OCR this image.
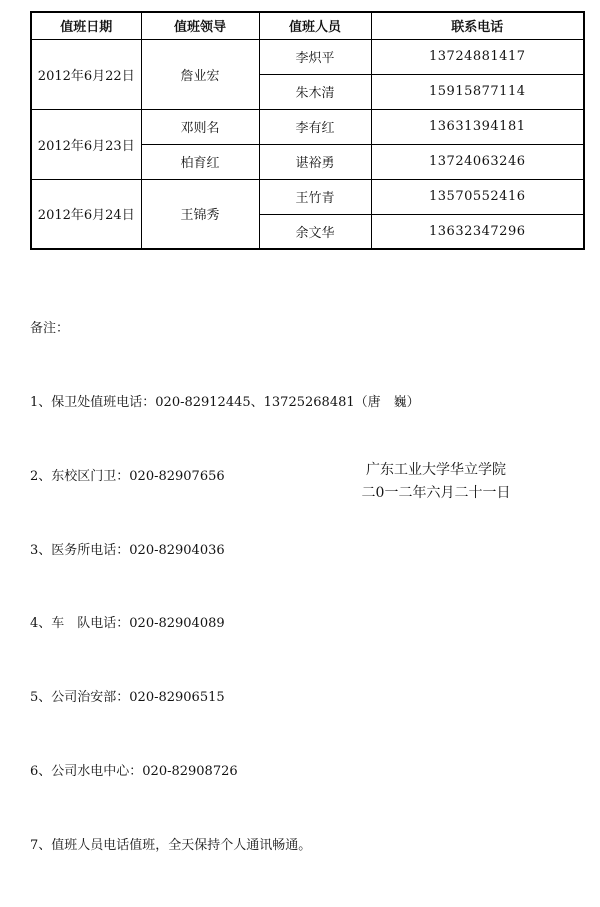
值班日期	值班领导	值班人员	联系电话
2012年6月22日	詹业宏	李炽平	13724881417
		朱木清	15915877114
2012年6月23日	邓则名	李有红	13631394181
	柏育红	谌裕勇	13724063246
2012年6月24日	王锦秀	王竹青	13570552416
		余文华	13632347296

备注：

1、保卫处值班电话：020-82912445、13725268481（唐　巍）

2、东校区门卫：020-82907656

3、医务所电话：020-82904036

4、车　队电话：020-82904089

5、公司治安部：020-82906515

6、公司水电中心：020-82908726

7、值班人员电话值班，全天保持个人通讯畅通。

广东工业大学华立学院
二0一二年六月二十一日
